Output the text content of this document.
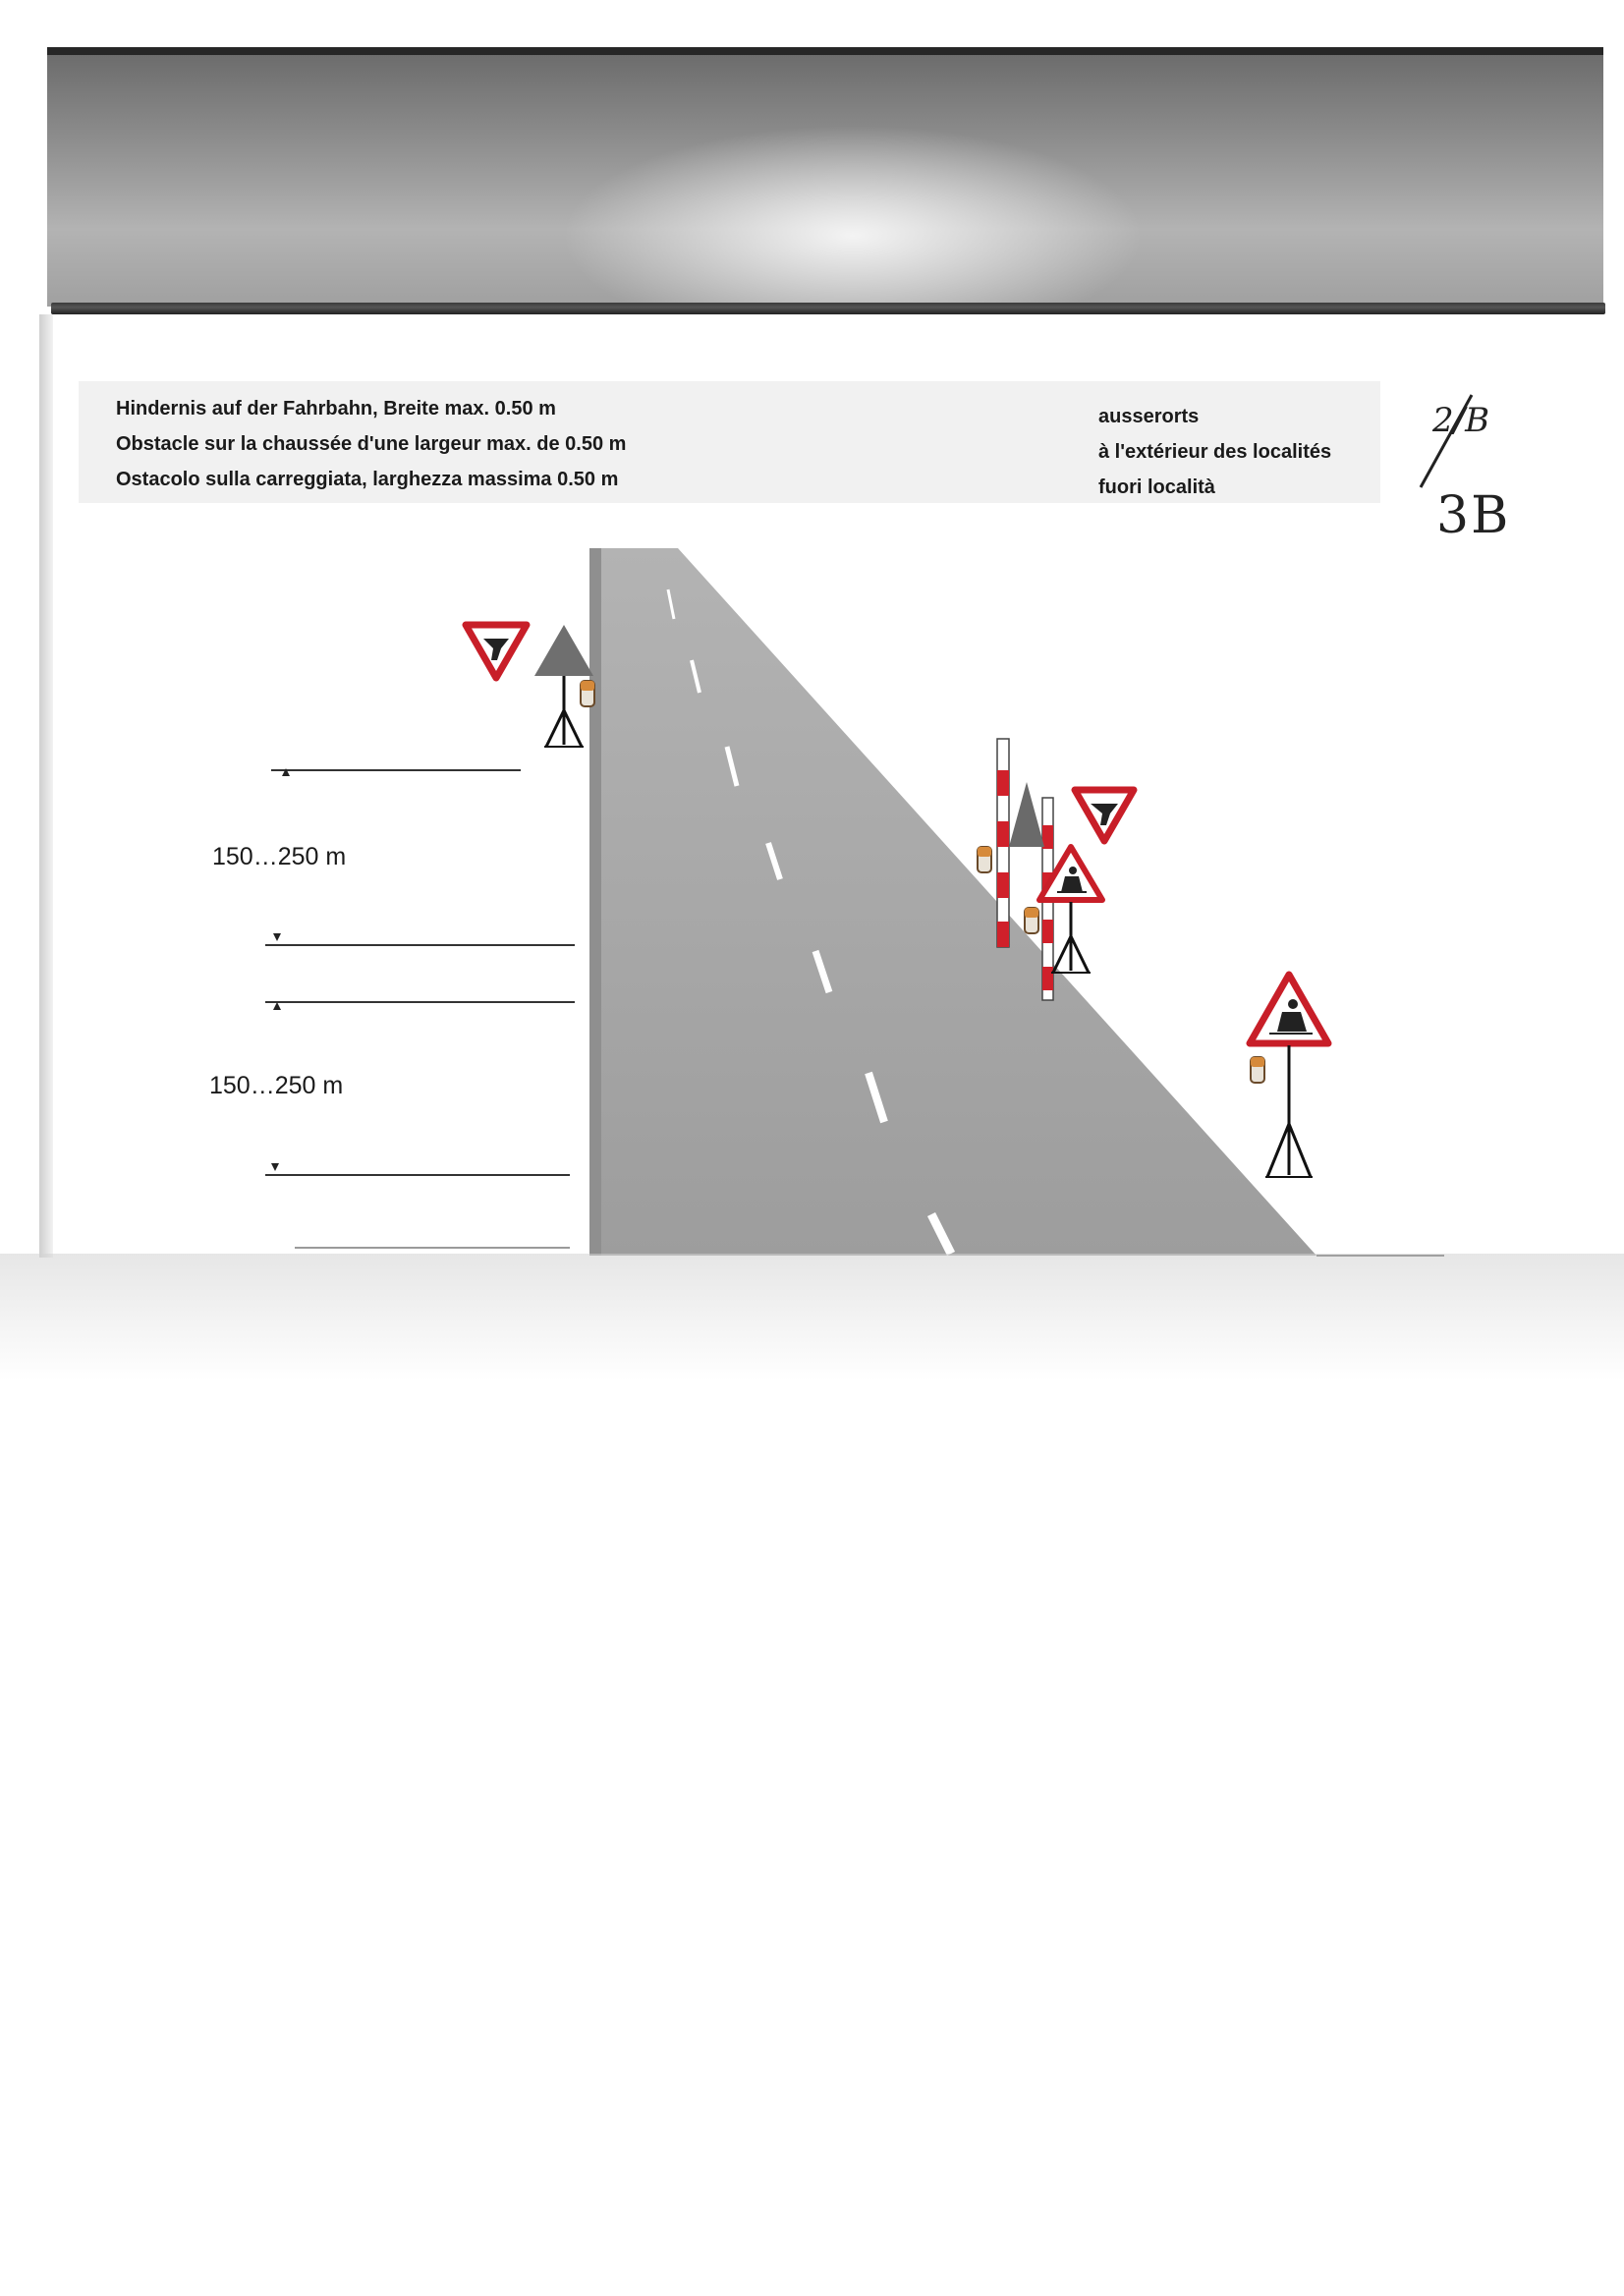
Hindernis auf der Fahrbahn, Breite max. 0.50 m
Obstacle sur la chaussée d'une largeur max. de 0.50 m
Ostacolo sulla carreggiata, larghezza massima 0.50 m
ausserorts
à l'extérieur des localités
fuori località
2/B
3B
150…250 m
150…250 m
